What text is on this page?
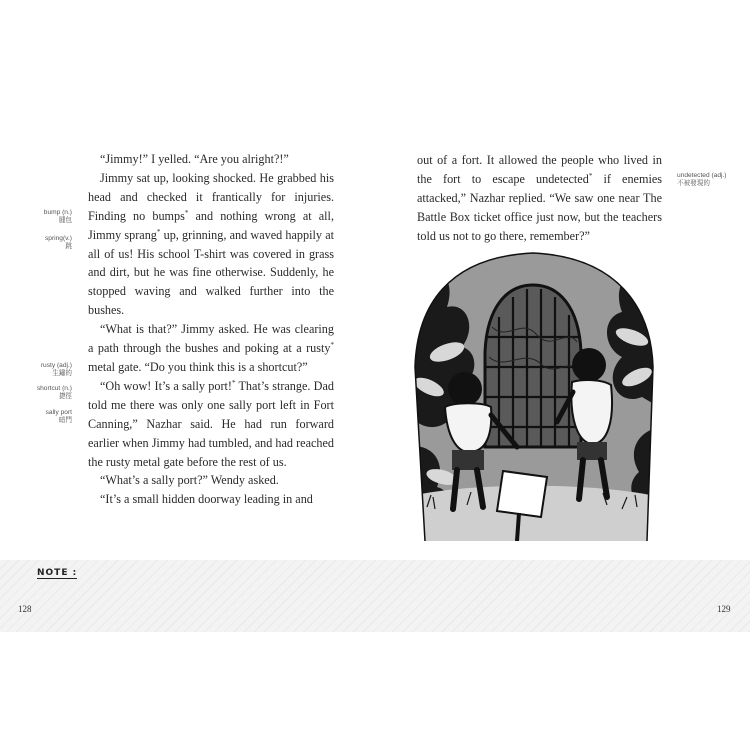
“Jimmy!” I yelled. “Are you alright?!”

Jimmy sat up, looking shocked. He grabbed his head and checked it frantically for injuries. Finding no bumps* and nothing wrong at all, Jimmy sprang* up, grinning, and waved happily at all of us! His school T-shirt was covered in grass and dirt, but he was fine otherwise. Suddenly, he stopped waving and walked further into the bushes.

“What is that?” Jimmy asked. He was clearing a path through the bushes and poking at a rusty* metal gate. “Do you think this is a shortcut?”

“Oh wow! It’s a sally port!* That’s strange. Dad told me there was only one sally port left in Fort Canning,” Nazhar said. He had run forward earlier when Jimmy had tumbled, and had reached the rusty metal gate before the rest of us.

“What’s a sally port?” Wendy asked.

“It’s a small hidden doorway leading in and

bump (n.)
腫包
spring(v.)
跳
rusty (adj.)
生鏽的
shortcut (n.)
捷徑
sally port
暗門

out of a fort. It allowed the people who lived in the fort to escape undetected* if enemies attacked,” Nazhar replied. “We saw one near The Battle Box ticket office just now, but the teachers told us not to go there, remember?”

undetected (adj.)
不被發現的
NOTE :
128	129
